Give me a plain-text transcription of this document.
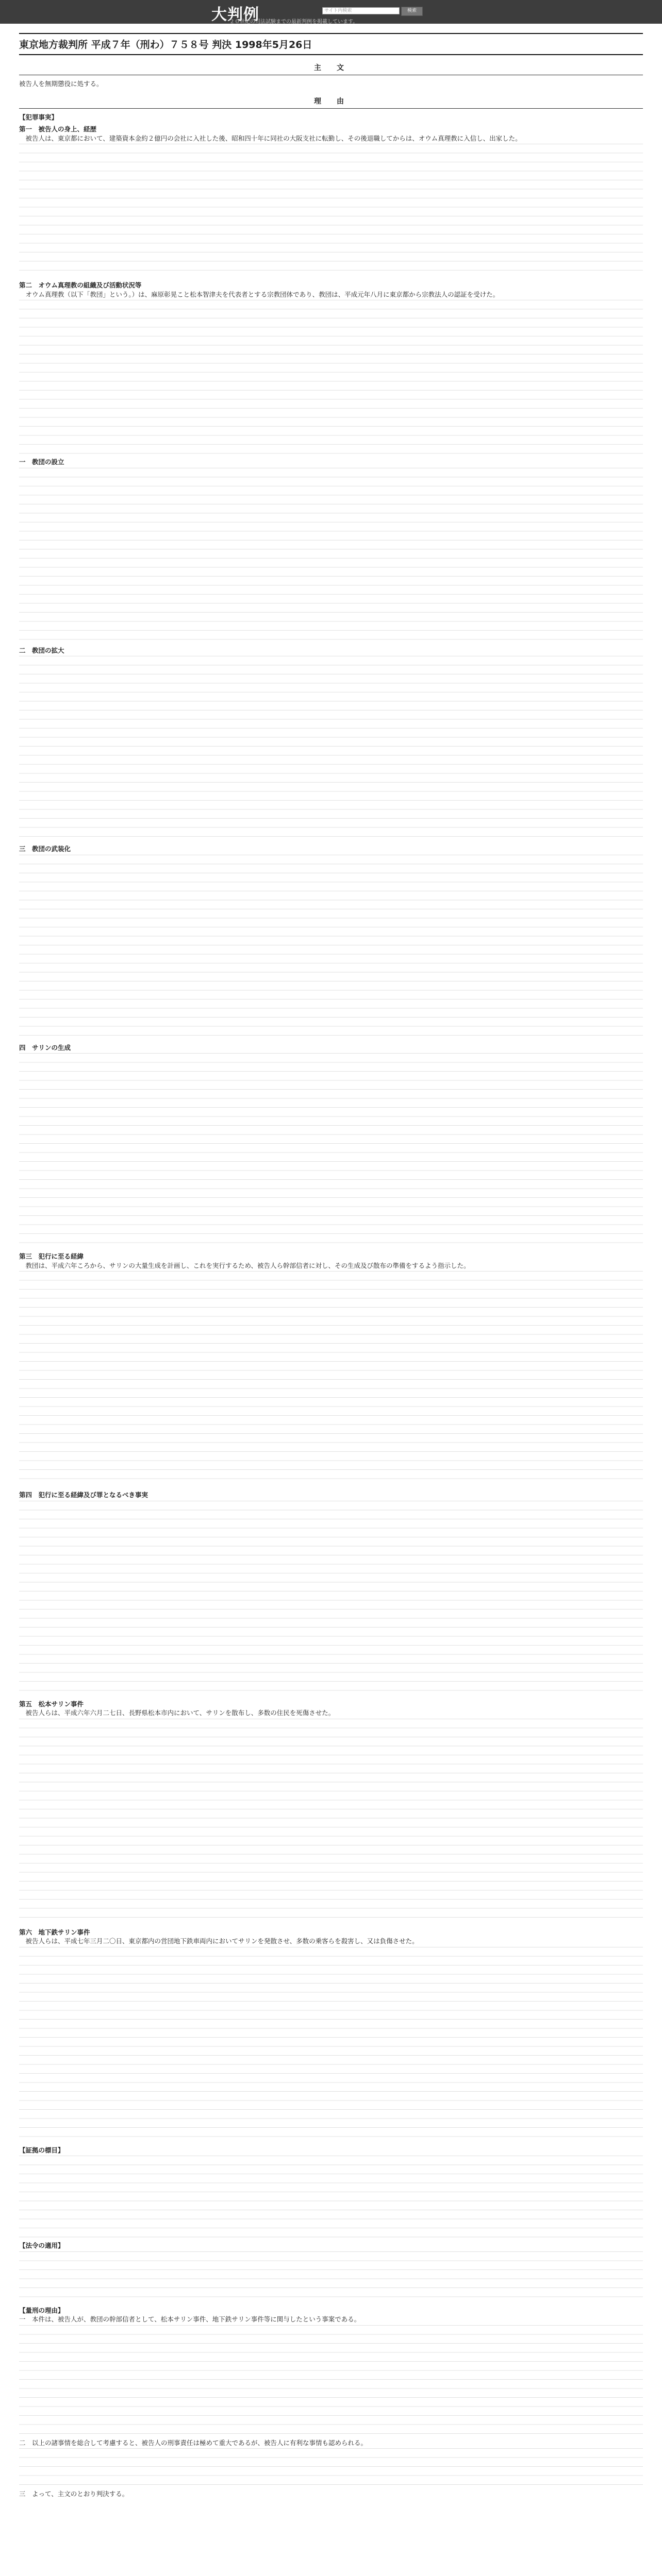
大判例	サイト内検索	検索
２０世紀の司法試験までの最新判例を掲載しています。
東京地方裁判所 平成７年（刑わ）７５８号 判決 1998年5月26日
主　文

被告人を無期懲役に処する。

理　由

【犯罪事実】

第一　被告人の身上、経歴

　被告人は、東京都において、建築資本金約２億円の会社に入社した後、昭和四十年に同社の大阪支社に転勤し、その後退職してからは、オウム真理教に入信し、出家した。

第二　オウム真理教の組織及び活動状況等

　オウム真理教（以下「教団」という。）は、麻原彰晃こと松本智津夫を代表者とする宗教団体であり、教団は、平成元年八月に東京都から宗教法人の認証を受けた。

一　教団の設立

二　教団の拡大

三　教団の武装化

四　サリンの生成

第三　犯行に至る経緯

　教団は、平成六年ころから、サリンの大量生成を計画し、これを実行するため、被告人ら幹部信者に対し、その生成及び散布の準備をするよう指示した。

第四　犯行に至る経緯及び罪となるべき事実

第五　松本サリン事件

　被告人らは、平成六年六月二七日、長野県松本市内において、サリンを散布し、多数の住民を死傷させた。

第六　地下鉄サリン事件

　被告人らは、平成七年三月二〇日、東京都内の営団地下鉄車両内においてサリンを発散させ、多数の乗客らを殺害し、又は負傷させた。

【証拠の標目】

【法令の適用】

【量刑の理由】

一　本件は、被告人が、教団の幹部信者として、松本サリン事件、地下鉄サリン事件等に関与したという事案である。

二　以上の諸事情を総合して考慮すると、被告人の刑事責任は極めて重大であるが、被告人に有利な事情も認められる。

三　よって、主文のとおり判決する。
